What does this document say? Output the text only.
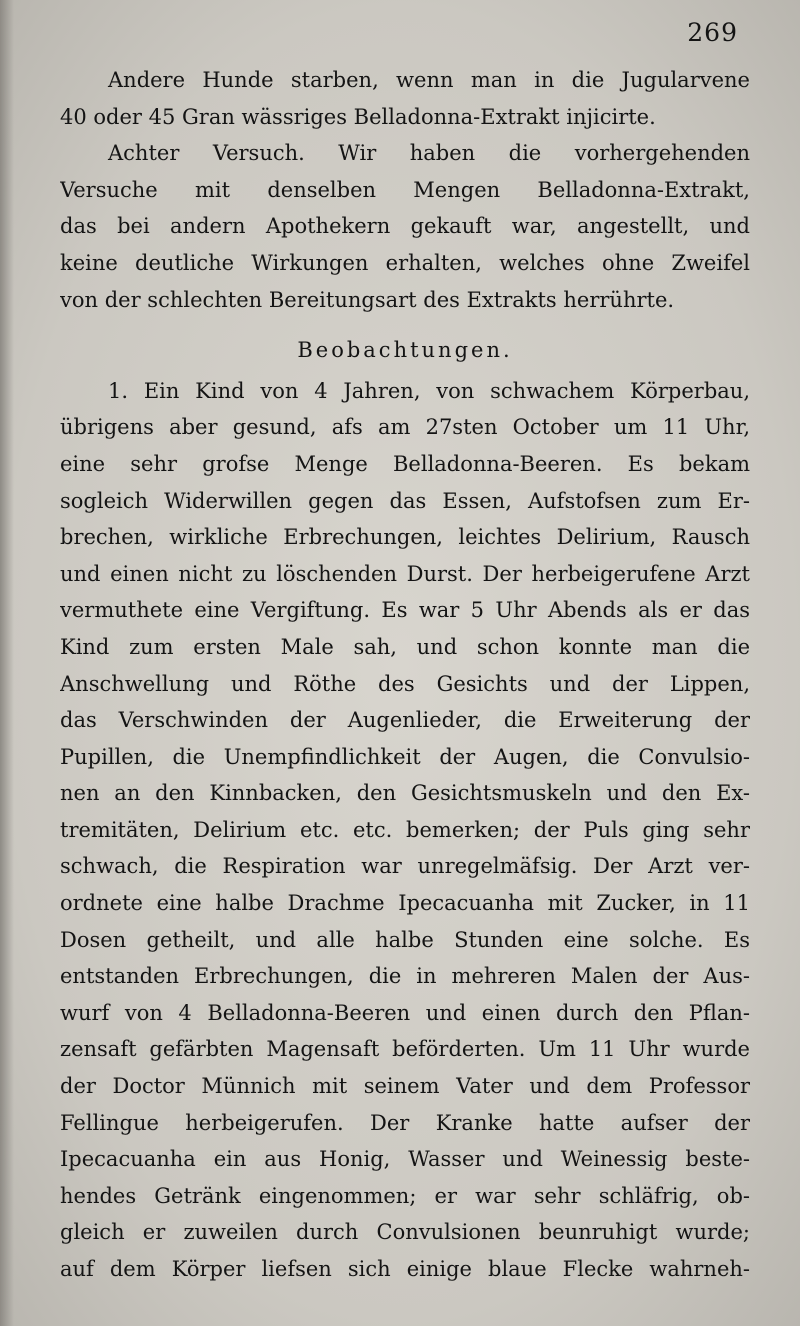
269
Andere Hunde starben, wenn man in die Jugularvene
40 oder 45 Gran wässriges Belladonna-Extrakt injicirte.
Achter Versuch. Wir haben die vorhergehenden
Versuche mit denselben Mengen Belladonna-Extrakt,
das bei andern Apothekern gekauft war, angestellt, und
keine deutliche Wirkungen erhalten, welches ohne Zweifel
von der schlechten Bereitungsart des Extrakts herrührte.
Beobachtungen.
1. Ein Kind von 4 Jahren, von schwachem Körperbau,
übrigens aber gesund, afs am 27sten October um 11 Uhr,
eine sehr grofse Menge Belladonna-Beeren. Es bekam
sogleich Widerwillen gegen das Essen, Aufstofsen zum Er-
brechen, wirkliche Erbrechungen, leichtes Delirium, Rausch
und einen nicht zu löschenden Durst. Der herbeigerufene Arzt
vermuthete eine Vergiftung. Es war 5 Uhr Abends als er das
Kind zum ersten Male sah, und schon konnte man die
Anschwellung und Röthe des Gesichts und der Lippen,
das Verschwinden der Augenlieder, die Erweiterung der
Pupillen, die Unempfindlichkeit der Augen, die Convulsio-
nen an den Kinnbacken, den Gesichtsmuskeln und den Ex-
tremitäten, Delirium etc. etc. bemerken; der Puls ging sehr
schwach, die Respiration war unregelmäfsig. Der Arzt ver-
ordnete eine halbe Drachme Ipecacuanha mit Zucker, in 11
Dosen getheilt, und alle halbe Stunden eine solche. Es
entstanden Erbrechungen, die in mehreren Malen der Aus-
wurf von 4 Belladonna-Beeren und einen durch den Pflan-
zensaft gefärbten Magensaft beförderten. Um 11 Uhr wurde
der Doctor Münnich mit seinem Vater und dem Professor
Fellingue herbeigerufen. Der Kranke hatte aufser der
Ipecacuanha ein aus Honig, Wasser und Weinessig beste-
hendes Getränk eingenommen; er war sehr schläfrig, ob-
gleich er zuweilen durch Convulsionen beunruhigt wurde;
auf dem Körper liefsen sich einige blaue Flecke wahrneh-
